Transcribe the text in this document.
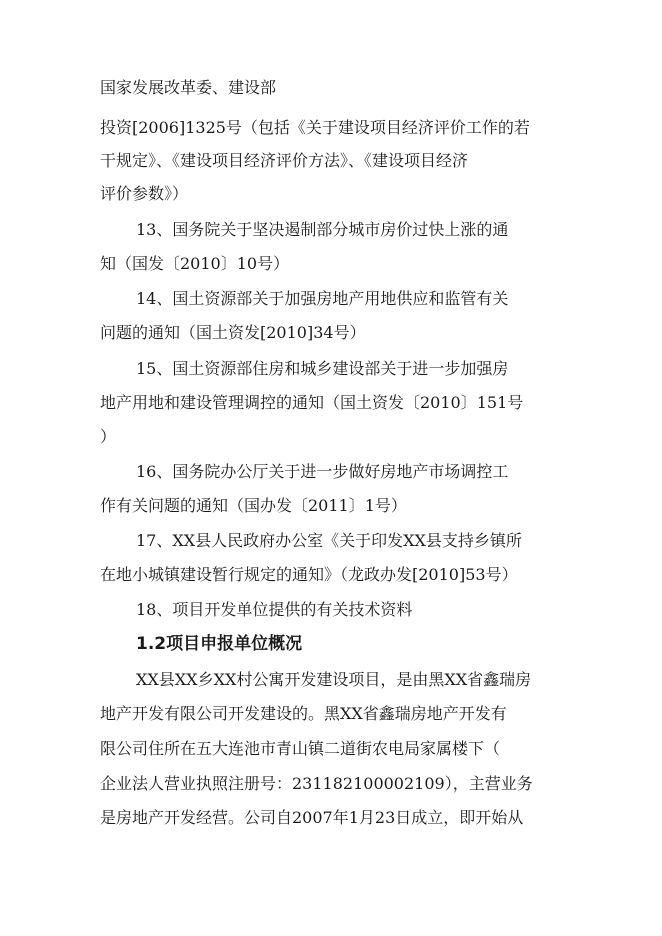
国家发展改革委、建设部
投资[2006]1325号（包括《关于建设项目经济评价工作的若
干规定》、《建设项目经济评价方法》、《建设项目经济
评价参数》）
13、国务院关于坚决遏制部分城市房价过快上涨的通
知（国发〔2010〕10号）
14、国土资源部关于加强房地产用地供应和监管有关
问题的通知（国土资发[2010]34号）
15、国土资源部住房和城乡建设部关于进一步加强房
地产用地和建设管理调控的通知（国土资发〔2010〕151号
）
16、国务院办公厅关于进一步做好房地产市场调控工
作有关问题的通知（国办发〔2011〕1号）
17、XX县人民政府办公室《关于印发XX县支持乡镇所
在地小城镇建设暂行规定的通知》（龙政办发[2010]53号）
18、项目开发单位提供的有关技术资料
1.2项目申报单位概况
XX县XX乡XX村公寓开发建设项目，是由黑XX省鑫瑞房
地产开发有限公司开发建设的。黑XX省鑫瑞房地产开发有
限公司住所在五大连池市青山镇二道街农电局家属楼下（
企业法人营业执照注册号：231182100002109），主营业务
是房地产开发经营。公司自2007年1月23日成立，即开始从
